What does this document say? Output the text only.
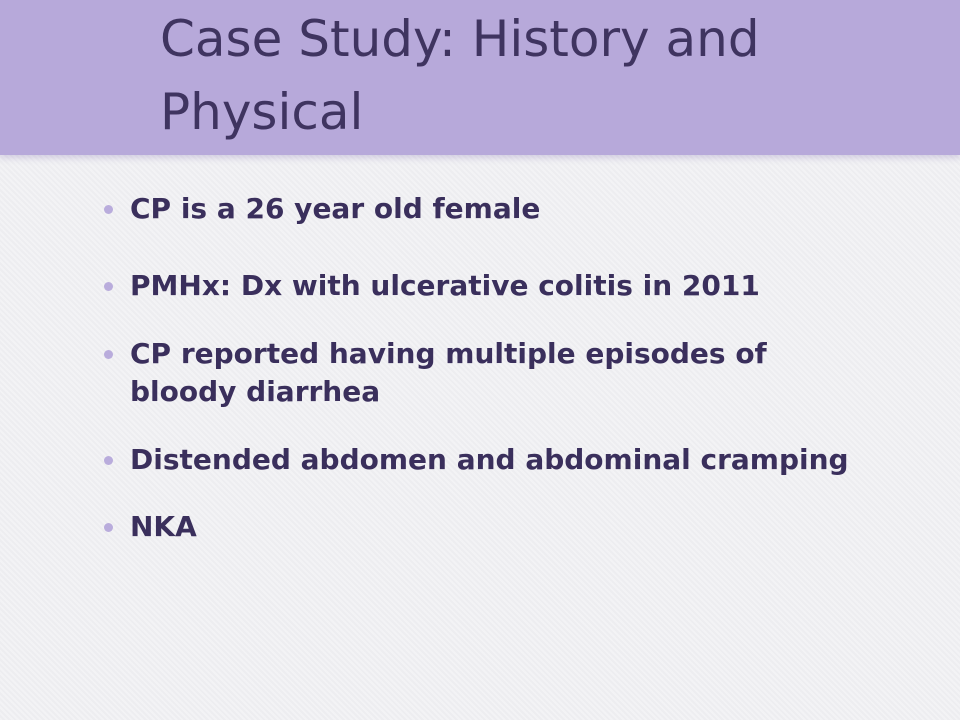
Case Study: History and Physical
CP is a 26 year old female
PMHx: Dx with ulcerative colitis in 2011
CP reported having multiple episodes of bloody diarrhea
Distended abdomen and abdominal cramping
NKA
